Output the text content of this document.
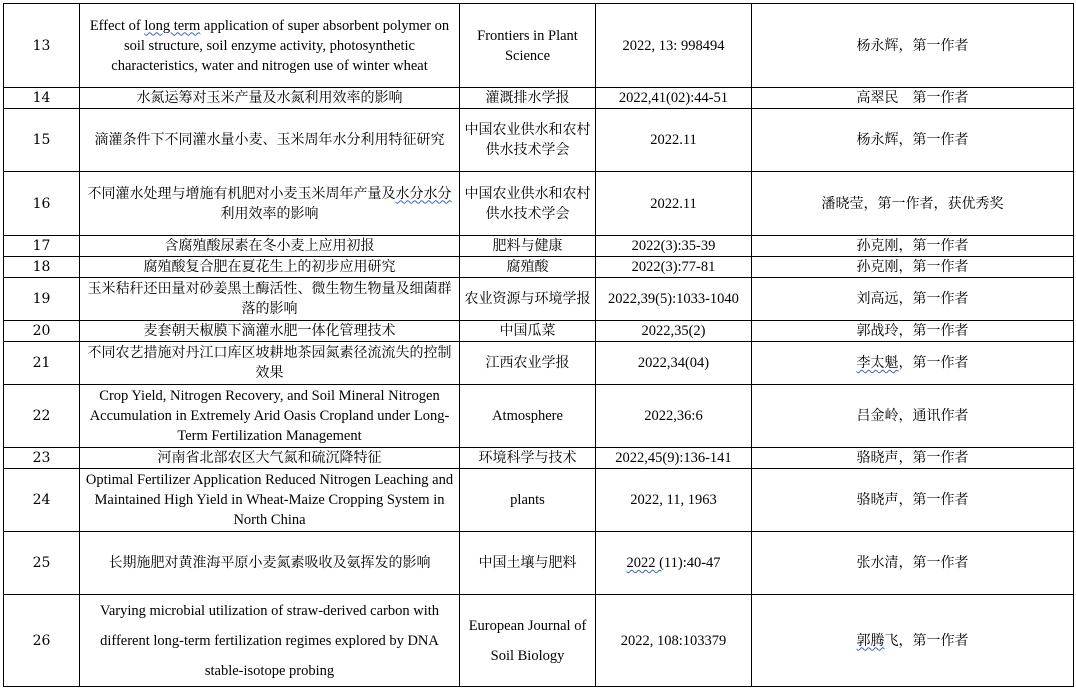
13	Effect of long term application of super absorbent polymer on soil structure, soil enzyme activity, photosynthetic characteristics, water and nitrogen use of winter wheat	Frontiers in Plant Science	2022, 13: 998494	杨永辉，第一作者
14	水氮运筹对玉米产量及水氮利用效率的影响	灌溉排水学报	2022,41(02):44-51	高翠民　第一作者
15	滴灌条件下不同灌水量小麦、玉米周年水分利用特征研究	中国农业供水和农村供水技术学会	2022.11	杨永辉，第一作者
16	不同灌水处理与增施有机肥对小麦玉米周年产量及水分水分利用效率的影响	中国农业供水和农村供水技术学会	2022.11	潘晓莹，第一作者，获优秀奖
17	含腐殖酸尿素在冬小麦上应用初报	肥料与健康	2022(3):35-39	孙克刚，第一作者
18	腐殖酸复合肥在夏花生上的初步应用研究	腐殖酸	2022(3):77-81	孙克刚，第一作者
19	玉米秸秆还田量对砂姜黑土酶活性、微生物生物量及细菌群落的影响	农业资源与环境学报	2022,39(5):1033-1040	刘高远，第一作者
20	麦套朝天椒膜下滴灌水肥一体化管理技术	中国瓜菜	2022,35(2)	郭战玲，第一作者
21	不同农艺措施对丹江口库区坡耕地茶园氮素径流流失的控制效果	江西农业学报	2022,34(04)	李太魁，第一作者
22	Crop Yield, Nitrogen Recovery, and Soil Mineral Nitrogen Accumulation in Extremely Arid Oasis Cropland under Long-Term Fertilization Management	Atmosphere	2022,36:6	吕金岭，通讯作者
23	河南省北部农区大气氮和硫沉降特征	环境科学与技术	2022,45(9):136-141	骆晓声，第一作者
24	Optimal Fertilizer Application Reduced Nitrogen Leaching and Maintained High Yield in Wheat-Maize Cropping System in North China	plants	2022, 11, 1963	骆晓声，第一作者
25	长期施肥对黄淮海平原小麦氮素吸收及氨挥发的影响	中国土壤与肥料	2022 (11):40-47	张水清，第一作者
26	Varying microbial utilization of straw-derived carbon with different long-term fertilization regimes explored by DNA stable-isotope probing	European Journal of Soil Biology	2022, 108:103379	郭腾飞，第一作者
